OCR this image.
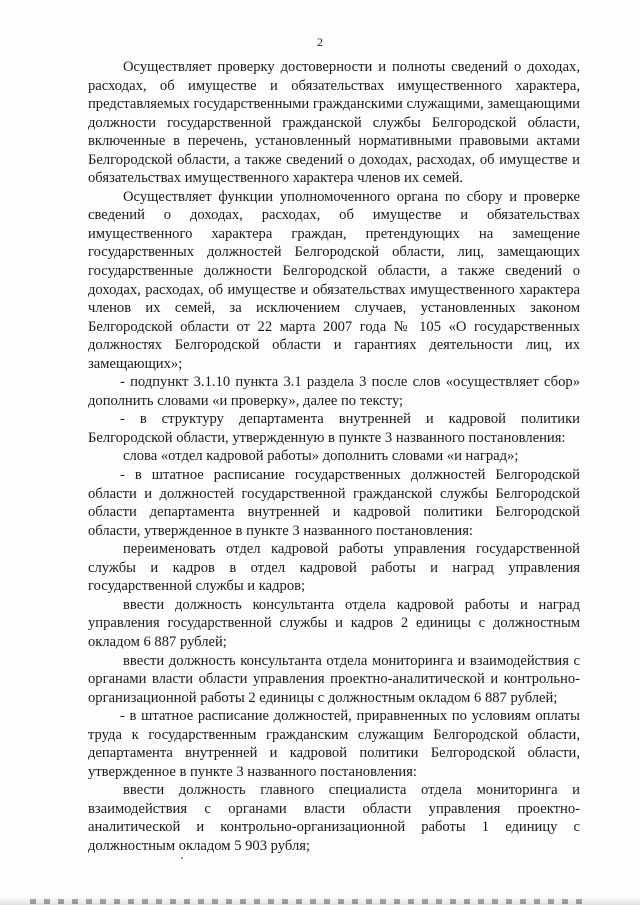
2

Осуществляет проверку достоверности и полноты сведений о доходах, расходах, об имуществе и обязательствах имущественного характера, представляемых государственными гражданскими служащими, замещающими должности государственной гражданской службы Белгородской области, включенные в перечень, установленный нормативными правовыми актами Белгородской области, а также сведений о доходах, расходах, об имуществе и обязательствах имущественного характера членов их семей.

Осуществляет функции уполномоченного органа по сбору и проверке сведений о доходах, расходах, об имуществе и обязательствах имущественного характера граждан, претендующих на замещение государственных должностей Белгородской области, лиц, замещающих государственные должности Белгородской области, а также сведений о доходах, расходах, об имуществе и обязательствах имущественного характера членов их семей, за исключением случаев, установленных законом Белгородской области от 22 марта 2007 года № 105 «О государственных должностях Белгородской области и гарантиях деятельности лиц, их замещающих»;

- подпункт 3.1.10 пункта 3.1 раздела 3 после слов «осуществляет сбор» дополнить словами «и проверку», далее по тексту;

- в структуру департамента внутренней и кадровой политики Белгородской области, утвержденную в пункте 3 названного постановления:

слова «отдел кадровой работы» дополнить словами «и наград»;

- в штатное расписание государственных должностей Белгородской области и должностей государственной гражданской службы Белгородской области департамента внутренней и кадровой политики Белгородской области, утвержденное в пункте 3 названного постановления:

переименовать отдел кадровой работы управления государственной службы и кадров в отдел кадровой работы и наград управления государственной службы и кадров;

ввести должность консультанта отдела кадровой работы и наград управления государственной службы и кадров 2 единицы с должностным окладом 6 887 рублей;

ввести должность консультанта отдела мониторинга и взаимодействия с органами власти области управления проектно-аналитической и контрольно-организационной работы 2 единицы с должностным окладом 6 887 рублей;

- в штатное расписание должностей, приравненных по условиям оплаты труда к государственным гражданским служащим Белгородской области, департамента внутренней и кадровой политики Белгородской области, утвержденное в пункте 3 названного постановления:

ввести должность главного специалиста отдела мониторинга и взаимодействия с органами власти области управления проектно-аналитической и контрольно-организационной работы 1 единицу с должностным окладом 5 903 рубля;
